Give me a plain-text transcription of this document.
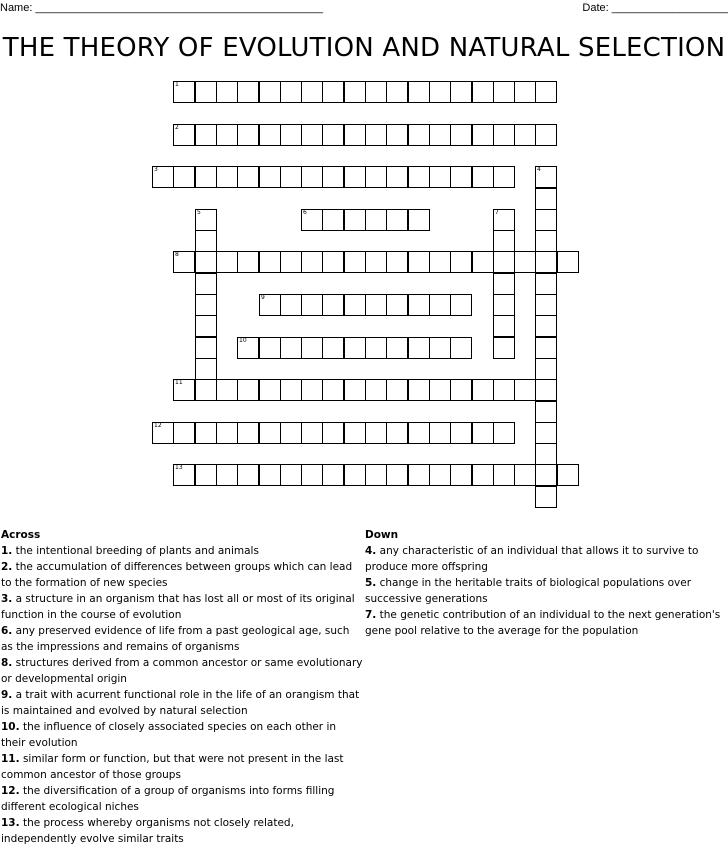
Name: _______________________________________________	Date: ___________________
THE THEORY OF EVOLUTION AND NATURAL SELECTION
1
2
3	4
5	6	7
8
9
10
11
12
13
Across
1. the intentional breeding of plants and animals
2. the accumulation of differences between groups which can lead to the formation of new species
3. a structure in an organism that has lost all or most of its original function in the course of evolution
6. any preserved evidence of life from a past geological age, such as the impressions and remains of organisms
8. structures derived from a common ancestor or same evolutionary or developmental origin
9. a trait with acurrent functional role in the life of an orangism that is maintained and evolved by natural selection
10. the influence of closely associated species on each other in their evolution
11. similar form or function, but that were not present in the last common ancestor of those groups
12. the diversification of a group of organisms into forms filling different ecological niches
13. the process whereby organisms not closely related, independently evolve similar traits
Down
4. any characteristic of an individual that allows it to survive to produce more offspring
5. change in the heritable traits of biological populations over successive generations
7. the genetic contribution of an individual to the next generation's gene pool relative to the average for the population
